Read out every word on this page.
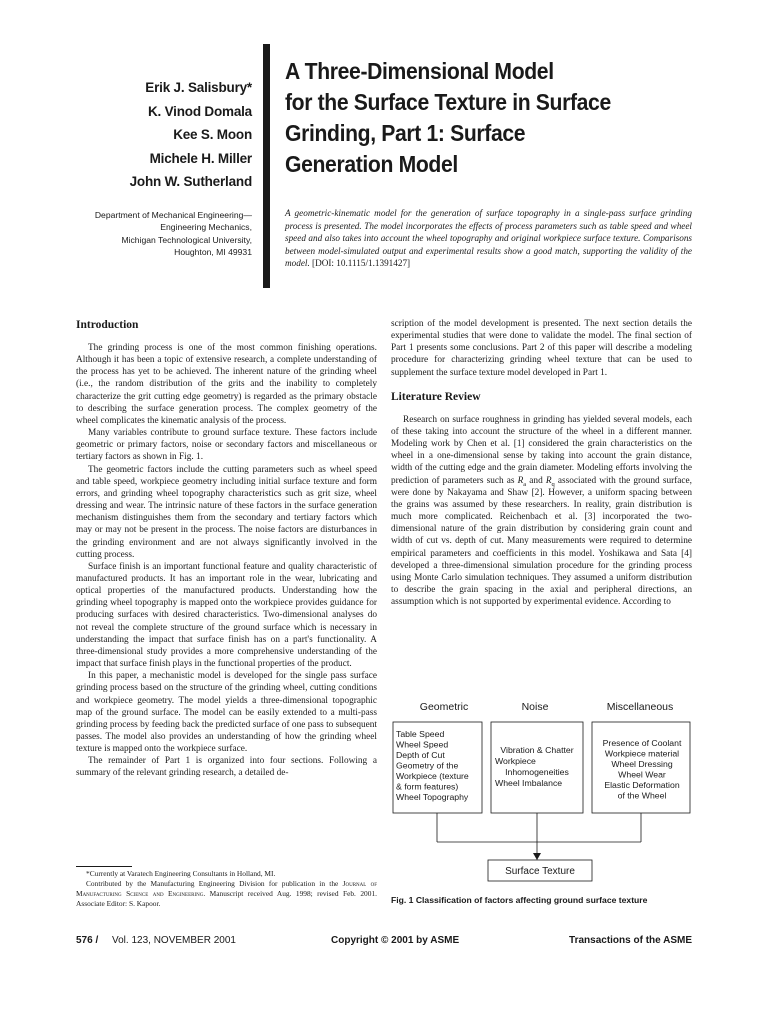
Erik J. Salisbury*
K. Vinod Domala
Kee S. Moon
Michele H. Miller
John W. Sutherland
Department of Mechanical Engineering—
Engineering Mechanics,
Michigan Technological University,
Houghton, MI 49931
A Three-Dimensional Model
for the Surface Texture in Surface
Grinding, Part 1: Surface
Generation Model
A geometric-kinematic model for the generation of surface topography in a single-pass surface grinding process is presented. The model incorporates the effects of process parameters such as table speed and wheel speed and also takes into account the wheel topography and original workpiece surface texture. Comparisons between model-simulated output and experimental results show a good match, supporting the validity of the model. [DOI: 10.1115/1.1391427]
Introduction

The grinding process is one of the most common finishing operations. Although it has been a topic of extensive research, a complete understanding of the process has yet to be achieved. The inherent nature of the grinding wheel (i.e., the random distribution of the grits and the inability to completely characterize the grit cutting edge geometry) is regarded as the primary obstacle to describing the surface generation process. The complex geometry of the wheel complicates the kinematic analysis of the process.

Many variables contribute to ground surface texture. These factors include geometric or primary factors, noise or secondary factors and miscellaneous or tertiary factors as shown in Fig. 1.

The geometric factors include the cutting parameters such as wheel speed and table speed, workpiece geometry including initial surface texture and form errors, and grinding wheel topography characteristics such as grit size, wheel dressing and wear. The intrinsic nature of these factors in the surface generation mechanism distinguishes them from the secondary and tertiary factors which may or may not be present in the process. The noise factors are disturbances in the grinding environment and are not always significantly involved in the cutting process.

Surface finish is an important functional feature and quality characteristic of manufactured products. It has an important role in the wear, lubricating and optical properties of the manufactured products. Understanding how the grinding wheel topography is mapped onto the workpiece provides guidance for producing surfaces with desired characteristics. Two-dimensional analyses do not reveal the complete structure of the ground surface which is necessary in understanding the impact that surface finish has on a part's functionality. A three-dimensional study provides a more comprehensive understanding of the impact that surface finish plays in the functional properties of the product.

In this paper, a mechanistic model is developed for the single pass surface grinding process based on the structure of the grinding wheel, cutting conditions and workpiece geometry. The model yields a three-dimensional topographic map of the ground surface. The model can be easily extended to a multi-pass grinding process by feeding back the predicted surface of one pass to subsequent passes. The model also provides an understanding of how the grinding wheel texture is mapped onto the workpiece surface.

The remainder of Part 1 is organized into four sections. Following a summary of the relevant grinding research, a detailed de-

*Currently at Varatech Engineering Consultants in Holland, MI.

Contributed by the Manufacturing Engineering Division for publication in the Journal of Manufacturing Science and Engineering. Manuscript received Aug. 1998; revised Feb. 2001. Associate Editor: S. Kapoor.

scription of the model development is presented. The next section details the experimental studies that were done to validate the model. The final section of Part 1 presents some conclusions. Part 2 of this paper will describe a modeling procedure for characterizing grinding wheel texture that can be used to supplement the surface texture model developed in Part 1.

Literature Review

Research on surface roughness in grinding has yielded several models, each of these taking into account the structure of the wheel in a different manner. Modeling work by Chen et al. [1] considered the grain characteristics on the wheel in a one-dimensional sense by taking into account the grain distance, width of the cutting edge and the grain diameter. Modeling efforts involving the prediction of parameters such as $R_a$ and $R_q$ associated with the ground surface, were done by Nakayama and Shaw [2]. However, a uniform spacing between the grains was assumed by these researchers. In reality, grain distribution is much more complicated. Reichenbach et al. [3] incorporated the two-dimensional nature of the grain distribution by considering grain count and width of cut vs. depth of cut. Many measurements were required to determine empirical parameters and coefficients in this model. Yoshikawa and Sata [4] developed a three-dimensional simulation procedure for the grinding process using Monte Carlo simulation techniques. They assumed a uniform distribution to describe the grain spacing in the axial and peripheral directions, an assumption which is not supported by experimental evidence. According to

Geometric	Noise	Miscellaneous
Table Speed
Wheel Speed
Depth of Cut
Geometry of the
Workpiece (texture
& form features)
Wheel Topography
Vibration & Chatter
Workpiece
Inhomogeneities
Wheel Imbalance
Presence of Coolant
Workpiece material
Wheel Dressing
Wheel Wear
Elastic Deformation
of the Wheel
Surface Texture
Fig. 1 Classification of factors affecting ground surface texture
576 / Vol. 123, NOVEMBER 2001	Copyright © 2001 by ASME	Transactions of the ASME
